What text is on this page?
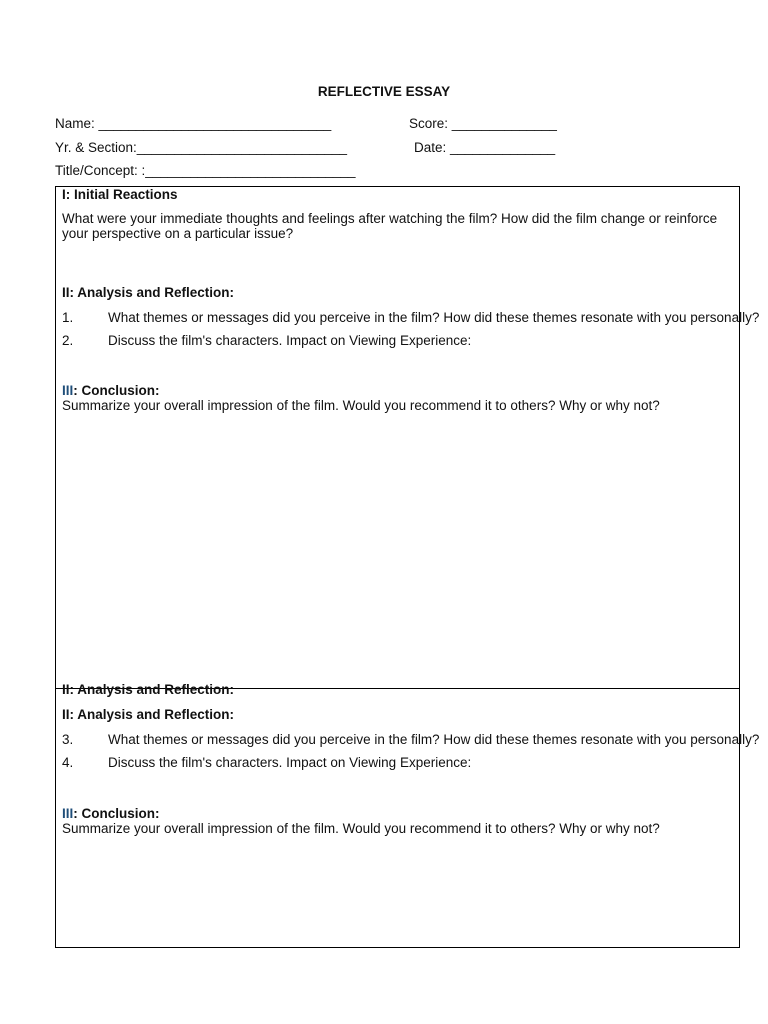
REFLECTIVE ESSAY
Name: _______________________________	Score: ______________
Yr. & Section:____________________________	Date: ______________
Title/Concept: :____________________________
I: Initial Reactions
What were your immediate thoughts and feelings after watching the film? How did the film change or reinforce your perspective on a particular issue?
II: Analysis and Reflection:
1.	What themes or messages did you perceive in the film? How did these themes resonate with you personally?
2.	Discuss the film's characters. Impact on Viewing Experience:
III: Conclusion:
Summarize your overall impression of the film. Would you recommend it to others? Why or why not?
II: Analysis and Reflection:
II: Analysis and Reflection:
3.	What themes or messages did you perceive in the film? How did these themes resonate with you personally?
4.	Discuss the film's characters. Impact on Viewing Experience:
III: Conclusion:
Summarize your overall impression of the film. Would you recommend it to others? Why or why not?
